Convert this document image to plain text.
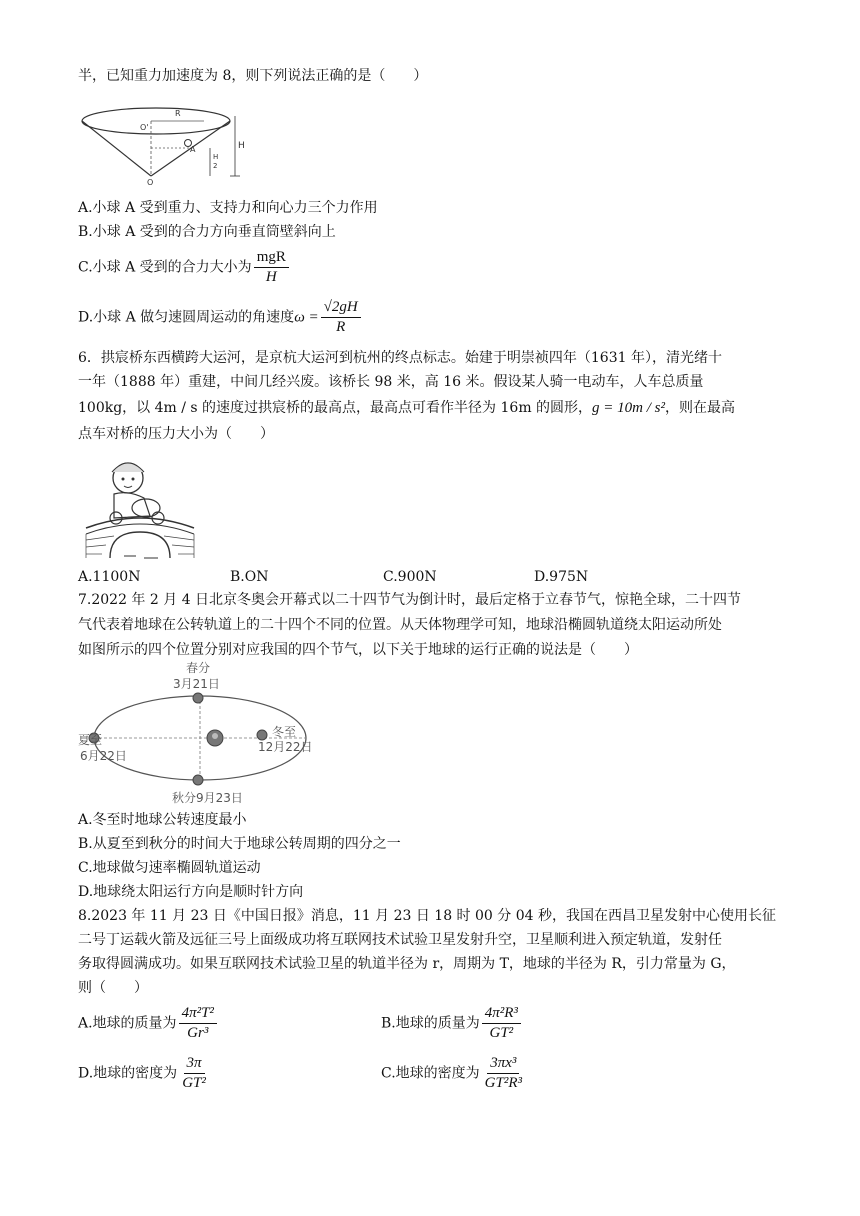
半，已知重力加速度为 8，则下列说法正确的是（　　）
R
O'
A	H
H
2
O
A.小球 A 受到重力、支持力和向心力三个力作用
B.小球 A 受到的合力方向垂直筒壁斜向上
C.小球 A 受到的合力大小为 $\frac{\text{mgR}}{H}$
D.小球 A 做匀速圆周运动的角速度$\omega = \frac{√2gH}{R}$
6．拱宸桥东西横跨大运河，是京杭大运河到杭州的终点标志。始建于明崇祯四年（1631 年），清光绪十
一年（1888 年）重建，中间几经兴废。该桥长 98 米，高 16 米。假设某人骑一电动车，人车总质量
100kg，以 4m / s 的速度过拱宸桥的最高点，最高点可看作半径为 16m 的圆形，g = 10m / s²，则在最高
点车对桥的压力大小为（　　）
A.1100N	B.ON	C.900N	D.975N
7.2022 年 2 月 4 日北京冬奥会开幕式以二十四节气为倒计时，最后定格于立春节气，惊艳全球，二十四节
气代表着地球在公转轨道上的二十四个不同的位置。从天体物理学可知，地球沿椭圆轨道绕太阳运动所处
如图所示的四个位置分别对应我国的四个节气，以下关于地球的运行正确的说法是（　　）
春分
3月21日
夏至
6月22日
冬至
12月22日
秋分9月23日
A.冬至时地球公转速度最小
B.从夏至到秋分的时间大于地球公转周期的四分之一
C.地球做匀速率椭圆轨道运动
D.地球绕太阳运行方向是顺时针方向
8.2023 年 11 月 23 日《中国日报》消息，11 月 23 日 18 时 00 分 04 秒，我国在西昌卫星发射中心使用长征
二号丁运载火箭及远征三号上面级成功将互联网技术试验卫星发射升空，卫星顺利进入预定轨道，发射任
务取得圆满成功。如果互联网技术试验卫星的轨道半径为 r，周期为 T，地球的半径为 R，引力常量为 G，
则（　　）
A.地球的质量为 $\frac{\text{4π²T²}}{\text{Gr³}}$	B.地球的质量为 $\frac{\text{4π²R³}}{\text{GT²}}$
D.地球的密度为 $\frac{3\pi}{\text{GT²}}$	C.地球的密度为 $\frac{\text{3πx³}}{\text{GT²R³}}$
